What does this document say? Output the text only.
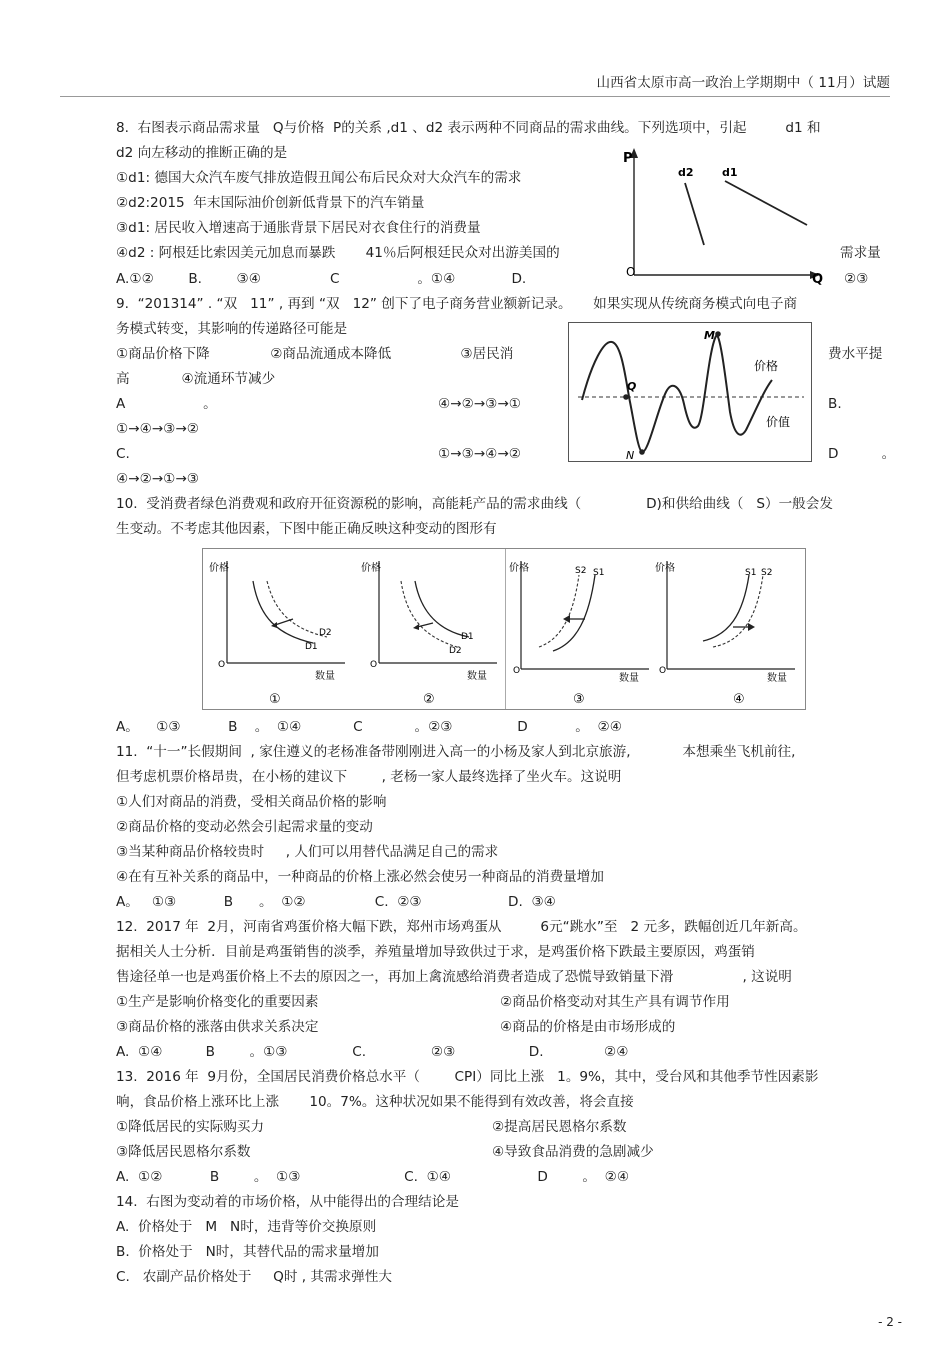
山西省太原市高一政治上学期期中（ 11月）试题
8.  右图表示商品需求量   Q与价格  P的关系 ,d1 、d2 表示两种不同商品的需求曲线。下列选项中，引起         d1 和
d2 向左移动的推断正确的是
①d1: 德国大众汽车废气排放造假丑闻公布后民众对大众汽车的需求
②d2:2015  年末国际油价创新低背景下的汽车销量
③d1: 居民收入增速高于通胀背景下居民对衣食住行的消费量
④d2 : 阿根廷比索因美元加息而暴跌       41％后阿根廷民众对出游美国的	需求量
A.①②        B.        ③④                C                  。①④             D.	②③
P
Q
O
d2	d1
9.  “201314” . “双   11” , 再到 “双   12” 创下了电子商务营业额新记录。     如果实现从传统商务模式向电子商
务模式转变，其影响的传递路径可能是
①商品价格下降              ②商品流通成本降低                ③居民消	费水平提
高            ④流通环节减少
A                  。	④→②→③→①	B.
①→④→③→②
C.	①→③→④→②	D          。
④→②→①→③
M
Q
N
价格
价值
10.  受消费者绿色消费观和政府开征资源税的影响，高能耗产品的需求曲线（               D)和供给曲线（   S）一般会发
生变动。不考虑其他因素，下图中能正确反映这种变动的图形有
价格
数量
O
D2
D1
①
价格
数量
O
D1
D2
②
价格
数量
O
S2 S1
③
价格
数量
O
S1 S2
④
A。    ①③           B    。  ①④            C            。②③               D           。  ②④
11.  “十一”长假期间  , 家住遵义的老杨准备带刚刚进入高一的小杨及家人到北京旅游,            本想乘坐飞机前往,
但考虑机票价格昂贵，在小杨的建议下        , 老杨一家人最终选择了坐火车。这说明
①人们对商品的消费，受相关商品价格的影响
②商品价格的变动必然会引起需求量的变动
③当某种商品价格较贵时     , 人们可以用替代品满足自己的需求
④在有互补关系的商品中，一种商品的价格上涨必然会使另一种商品的消费量增加
A。   ①③           B      。  ①②                C.  ②③                    D.  ③④
12.  2017 年  2月，河南省鸡蛋价格大幅下跌，郑州市场鸡蛋从         6元“跳水”至   2 元多，跌幅创近几年新高。
据相关人士分析．目前是鸡蛋销售的淡季，养殖量增加导致供过于求，是鸡蛋价格下跌最主要原因，鸡蛋销
售途径单一也是鸡蛋价格上不去的原因之一，再加上禽流感给消费者造成了恐慌导致销量下滑                , 这说明
①生产是影响价格变化的重要因素	②商品价格变动对其生产具有调节作用
③商品价格的涨落由供求关系决定	④商品的价格是由市场形成的
A.  ①④          B        。①③               C.               ②③                 D.              ②④
13.  2016 年  9月份，全国居民消费价格总水平（        CPI）同比上涨   1。9%，其中，受台风和其他季节性因素影
响，食品价格上涨环比上涨       10。7%。这种状况如果不能得到有效改善，将会直接
①降低居民的实际购买力	②提高居民恩格尔系数
③降低居民恩格尔系数	④导致食品消费的急剧减少
A.  ①②           B        。  ①③                        C.  ①④                    D        。  ②④
14.  右图为变动着的市场价格，从中能得出的合理结论是
A.  价格处于   M   N时，违背等价交换原则
B.  价格处于   N时，其替代品的需求量增加
C.   农副产品价格处于     Q时 , 其需求弹性大
- 2 -
